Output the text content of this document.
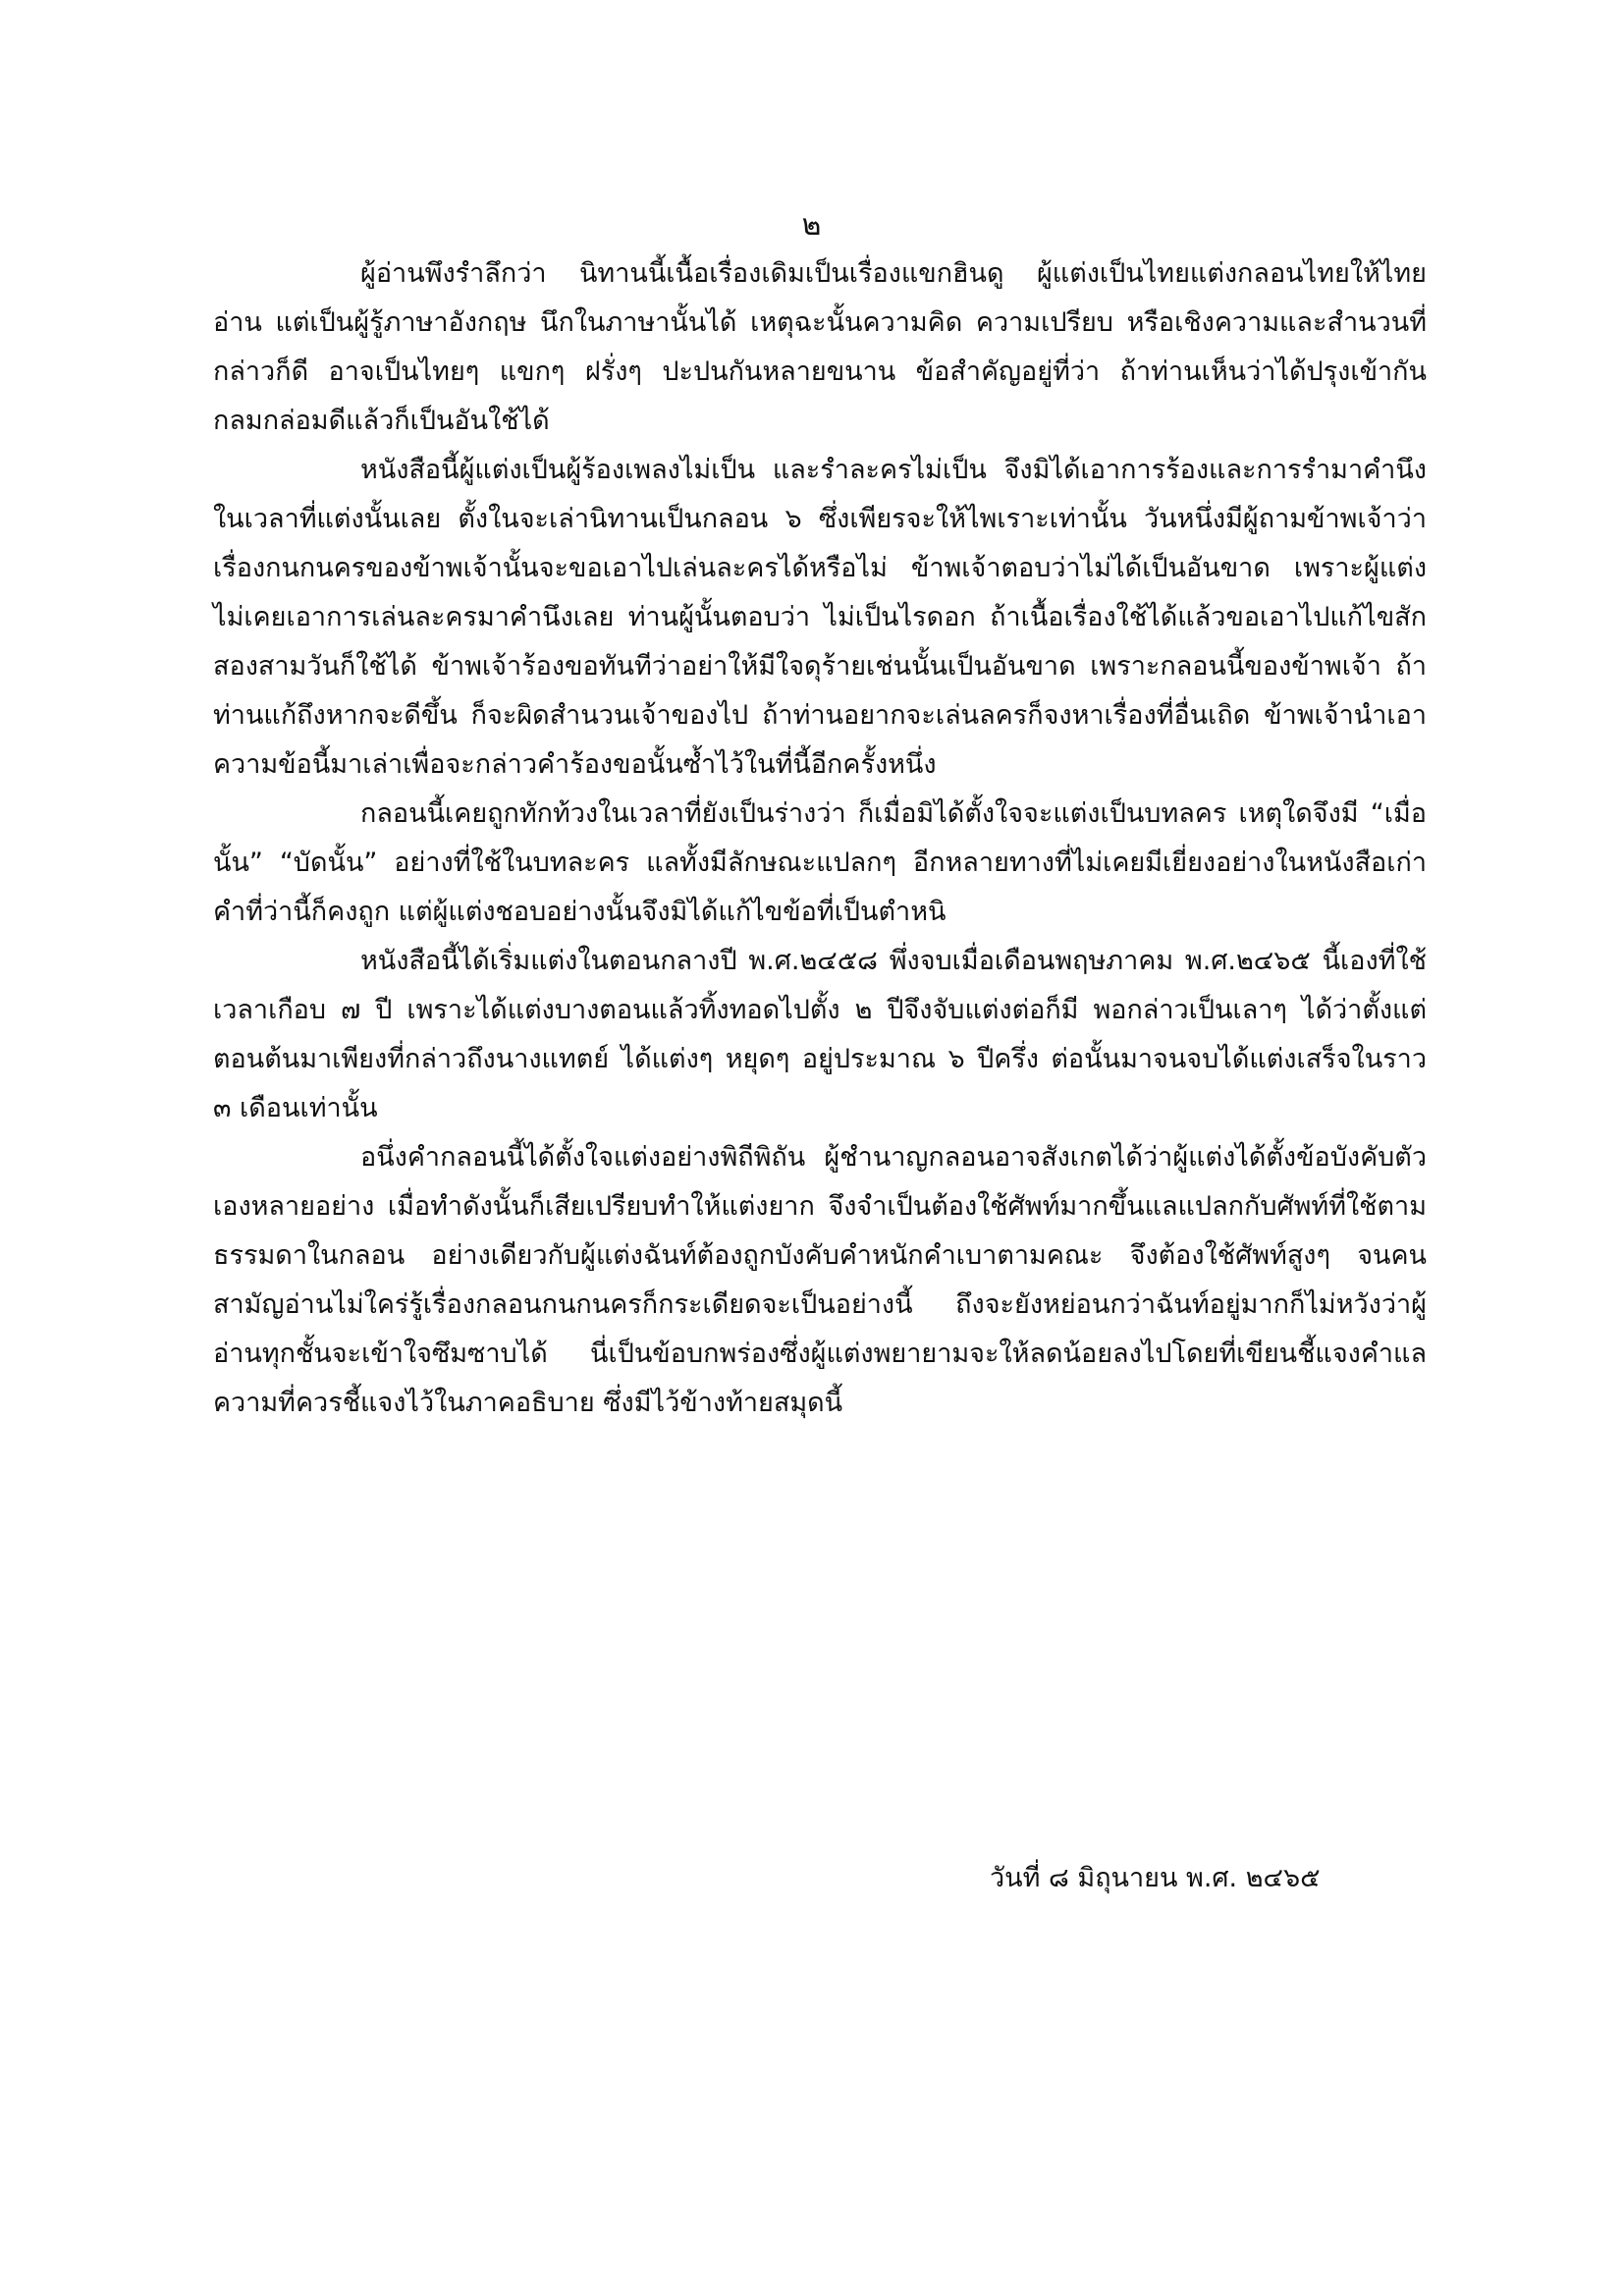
๒

ผู้อ่านพึงรำลึกว่า นิทานนี้เนื้อเรื่องเดิมเป็นเรื่องแขกฮินดู ผู้แต่งเป็นไทยแต่งกลอนไทยให้ไทยอ่าน แต่เป็นผู้รู้ภาษาอังกฤษ นึกในภาษานั้นได้ เหตุฉะนั้นความคิด ความเปรียบ หรือเชิงความและสำนวนที่กล่าวก็ดี อาจเป็นไทยๆ แขกๆ ฝรั่งๆ ปะปนกันหลายขนาน ข้อสำคัญอยู่ที่ว่า ถ้าท่านเห็นว่าได้ปรุงเข้ากันกลมกล่อมดีแล้วก็เป็นอันใช้ได้

หนังสือนี้ผู้แต่งเป็นผู้ร้องเพลงไม่เป็น และรำละครไม่เป็น จึงมิได้เอาการร้องและการรำมาคำนึงในเวลาที่แต่งนั้นเลย ตั้งในจะเล่านิทานเป็นกลอน ๖ ซึ่งเพียรจะให้ไพเราะเท่านั้น วันหนึ่งมีผู้ถามข้าพเจ้าว่าเรื่องกนกนครของข้าพเจ้านั้นจะขอเอาไปเล่นละครได้หรือไม่ ข้าพเจ้าตอบว่าไม่ได้เป็นอันขาด เพราะผู้แต่งไม่เคยเอาการเล่นละครมาคำนึงเลย ท่านผู้นั้นตอบว่า ไม่เป็นไรดอก ถ้าเนื้อเรื่องใช้ได้แล้วขอเอาไปแก้ไขสักสองสามวันก็ใช้ได้ ข้าพเจ้าร้องขอทันทีว่าอย่าให้มีใจดุร้ายเช่นนั้นเป็นอันขาด เพราะกลอนนี้ของข้าพเจ้า ถ้าท่านแก้ถึงหากจะดีขึ้น ก็จะผิดสำนวนเจ้าของไป ถ้าท่านอยากจะเล่นลครก็จงหาเรื่องที่อื่นเถิด ข้าพเจ้านำเอาความข้อนี้มาเล่าเพื่อจะกล่าวคำร้องขอนั้นซ้ำไว้ในที่นี้อีกครั้งหนึ่ง

กลอนนี้เคยถูกทักท้วงในเวลาที่ยังเป็นร่างว่า ก็เมื่อมิได้ตั้งใจจะแต่งเป็นบทลคร เหตุใดจึงมี “เมื่อนั้น” “บัดนั้น” อย่างที่ใช้ในบทละคร แลทั้งมีลักษณะแปลกๆ อีกหลายทางที่ไม่เคยมีเยี่ยงอย่างในหนังสือเก่า คำที่ว่านี้ก็คงถูก แต่ผู้แต่งชอบอย่างนั้นจึงมิได้แก้ไขข้อที่เป็นตำหนิ

หนังสือนี้ได้เริ่มแต่งในตอนกลางปี พ.ศ.๒๔๕๘ พึ่งจบเมื่อเดือนพฤษภาคม พ.ศ.๒๔๖๕ นี้เองที่ใช้เวลาเกือบ ๗ ปี เพราะได้แต่งบางตอนแล้วทิ้งทอดไปตั้ง ๒ ปีจึงจับแต่งต่อก็มี พอกล่าวเป็นเลาๆ ได้ว่าตั้งแต่ตอนต้นมาเพียงที่กล่าวถึงนางแทตย์ ได้แต่งๆ หยุดๆ อยู่ประมาณ ๖ ปีครึ่ง ต่อนั้นมาจนจบได้แต่งเสร็จในราว ๓ เดือนเท่านั้น

อนึ่งคำกลอนนี้ได้ตั้งใจแต่งอย่างพิถีพิถัน ผู้ชำนาญกลอนอาจสังเกตได้ว่าผู้แต่งได้ตั้งข้อบังคับตัวเองหลายอย่าง เมื่อทำดังนั้นก็เสียเปรียบทำให้แต่งยาก จึงจำเป็นต้องใช้ศัพท์มากขึ้นแลแปลกกับศัพท์ที่ใช้ตามธรรมดาในกลอน อย่างเดียวกับผู้แต่งฉันท์ต้องถูกบังคับคำหนักคำเบาตามคณะ จึงต้องใช้ศัพท์สูงๆ จนคนสามัญอ่านไม่ใคร่รู้เรื่องกลอนกนกนครก็กระเดียดจะเป็นอย่างนี้ ถึงจะยังหย่อนกว่าฉันท์อยู่มากก็ไม่หวังว่าผู้อ่านทุกชั้นจะเข้าใจซึมซาบได้ นี่เป็นข้อบกพร่องซึ่งผู้แต่งพยายามจะให้ลดน้อยลงไปโดยที่เขียนชี้แจงคำแลความที่ควรชี้แจงไว้ในภาคอธิบาย ซึ่งมีไว้ข้างท้ายสมุดนี้

วันที่ ๘ มิถุนายน พ.ศ. ๒๔๖๕
